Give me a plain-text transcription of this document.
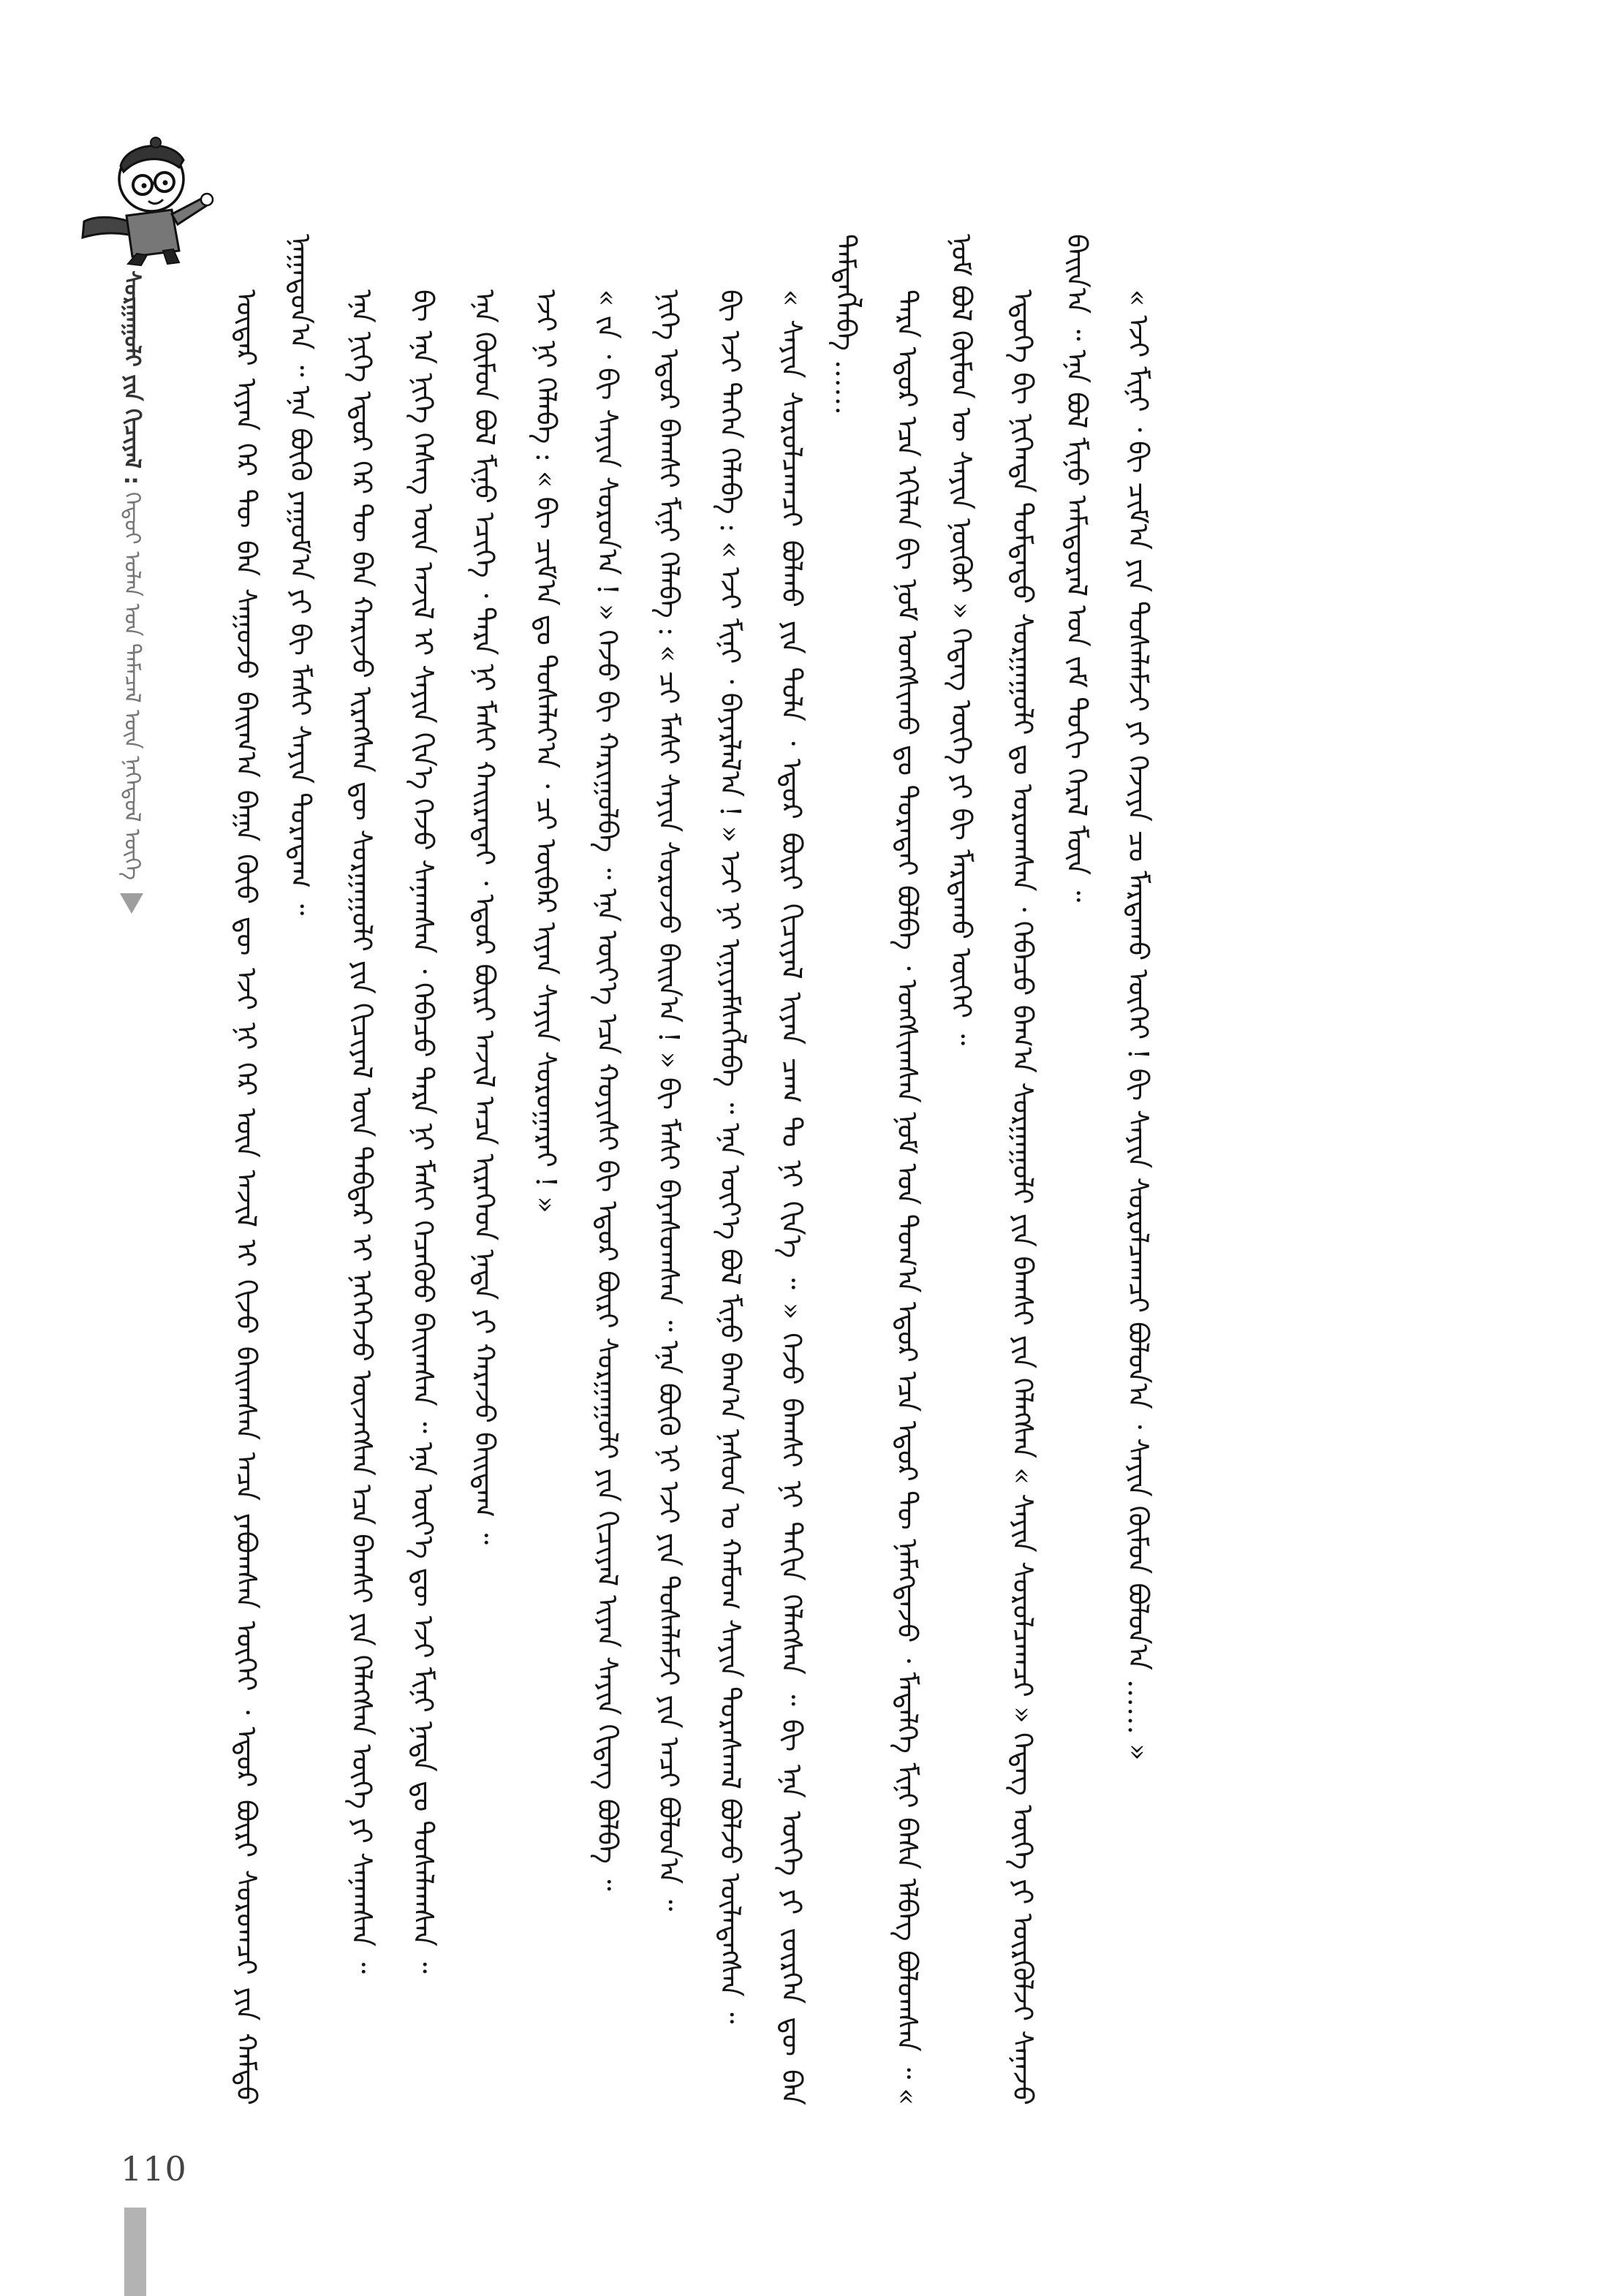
ᠰᠤᠷᠭᠠᠭᠤᠯᠢ ᠶᠢᠨ ᠬᠢᠴᠢᠶᠡᠯ : ᠬᠡᠳᠦᠢ ᠤᠯᠠᠨ ᠤᠨ ᠲᠡᠮᠡᠴᠡᠯ ᠦᠨ ᠨᠡᠭᠡᠳᠦᠯ ᠦᠭᠡ	ᠦᠳᠡᠷ ᠢᠶᠡᠨ ᠭᠡᠷ ᠲᠦ ᠪᠠᠨ ᠰᠠᠭᠤᠵᠤ ᠪᠠᠢᠭ᠎ᠠ ᠪᠠᠭᠠ ᠬᠦᠦ ᠳᠦ ᠡᠵᠢ ᠨᠢ ᠭᠡᠷ ᠦᠨ ᠠᠵᠢᠯ ᠢ ᠬᠢᠵᠦ ᠪᠠᠢᠭᠰᠠᠨ ᠠᠴᠠ ᠶᠠᠪᠤᠭᠰᠠᠨ ᠦᠭᠡᠢ ᠂ ᠡᠳᠦᠷ ᠪᠦᠷᠢ ᠰᠤᠷᠤᠭᠴᠢ ᠶᠢᠨ ᠬᠠᠮᠲᠤ ᠨᠠᠭᠠᠳᠤᠨ᠎ᠠ ᠃ ᠡᠨᠡ ᠪᠦᠬᠦ ᠶᠠᠭᠤᠮ᠎ᠠ ᠶᠢ ᠪᠢ ᠮᠠᠰᠢ ᠰᠠᠶᠢᠨ ᠳᠤᠷᠠᠳᠠᠭ ᠃	ᠡᠨᠡ ᠨᠢᠭᠡ ᠡᠳᠦᠷ ᠭᠡᠷ ᠲᠦ ᠪᠠᠨ ᠬᠠᠷᠢᠵᠤ ᠢᠷᠡᠭᠰᠡᠨ ᠳᠦ ᠰᠤᠷᠭᠠᠭᠤᠯᠢ ᠶᠢᠨ ᠬᠢᠴᠢᠶᠡᠯ ᠦᠨ ᠳᠡᠪᠲᠡᠷ ᠢ ᠨᠡᠭᠡᠭᠡᠵᠦ ᠦᠵᠡᠭᠰᠡᠨ ᠡᠴᠡ ᠪᠠᠭᠰᠢ ᠶᠢᠨ ᠬᠡᠯᠡᠭᠰᠡᠨ ᠦᠭᠡ ᠶᠢ ᠰᠠᠨᠠᠭᠰᠠᠨ ᠃	ᠪᠢ ᠡᠨᠡ ᠨᠢᠭᠡ ᠬᠡᠰᠡᠭ ᠦᠨ ᠠᠵᠢᠯ ᠢ ᠰᠠᠶᠢᠨ ᠬᠢᠨ᠎ᠡ ᠭᠡᠵᠦ ᠰᠠᠨᠠᠭᠰᠠᠨ ᠂ ᠭᠡᠪᠡᠴᠦ ᠲᠡᠷᠡ ᠨᠢ ᠮᠠᠰᠢ ᠬᠡᠴᠡᠭᠦᠦ ᠪᠠᠢᠭᠰᠠᠨ ᠃ ᠡᠨᠡ ᠦᠶ᠎ᠡ ᠳᠦ ᠡᠵᠢ ᠮᠢᠨᠢ ᠨᠠᠳᠠ ᠳᠤ ᠲᠤᠰᠠᠯᠠᠭᠰᠠᠨ ᠃	ᠡᠨᠡ ᠬᠦᠮᠦᠨ ᠪᠣᠯ ᠮᠢᠨᠦ ᠡᠴᠢᠭᠡ ᠂ ᠲᠡᠷᠡ ᠨᠢ ᠮᠠᠰᠢ ᠬᠠᠢᠷᠠᠲᠠᠢ ᠂ ᠡᠳᠦᠷ ᠪᠦᠷᠢ ᠠᠵᠢᠯ ᠠᠴᠠ ᠢᠷᠡᠭᠡᠳ ᠨᠠᠳᠠ ᠶᠢ ᠬᠠᠷᠠᠵᠤ ᠪᠠᠢᠳᠠᠭ ᠃	ᠡᠵᠢ ᠨᠢ ᠬᠡᠯᠡᠪᠡ : « ᠪᠢ ᠴᠢᠮ᠎ᠠ ᠳᠤ ᠲᠤᠰᠠᠯᠠᠶ᠎ᠠ ᠂ ᠴᠢ ᠦᠪᠡᠷ ᠢᠶᠡᠨ ᠰᠠᠶᠢᠨ ᠰᠤᠷᠤᠭᠠᠷᠠᠢ ! »	« ᠵᠠ ᠂ ᠪᠢ ᠰᠠᠶᠢᠨ ᠰᠤᠷᠤᠨ᠎ᠠ ! » ᠭᠡᠵᠦ ᠪᠢ ᠬᠠᠷᠢᠭᠤᠯᠪᠠ ᠃ ᠡᠨᠡ ᠦᠶ᠎ᠡ ᠡᠴᠡ ᠬᠣᠶᠢᠰᠢ ᠪᠢ ᠡᠳᠦᠷ ᠪᠦᠷᠢ ᠰᠤᠷᠭᠠᠭᠤᠯᠢ ᠶᠢᠨ ᠬᠢᠴᠢᠶᠡᠯ ᠢᠶᠡᠨ ᠰᠠᠶᠢᠨ ᠬᠢᠳᠡᠭ ᠪᠣᠯᠪᠠ ᠃	ᠨᠢᠭᠡ ᠡᠳᠦᠷ ᠪᠠᠭᠰᠢ ᠮᠢᠨᠢ ᠬᠡᠯᠡᠪᠡ : « ᠴᠢ ᠮᠠᠰᠢ ᠰᠠᠶᠢᠨ ᠰᠤᠷᠤᠵᠤ ᠪᠠᠢᠨ᠎ᠠ ! » ᠪᠢ ᠮᠠᠰᠢ ᠪᠠᠶᠠᠰᠤᠭᠰᠠᠨ ᠃ ᠡᠨᠡ ᠪᠦᠬᠦ ᠨᠢ ᠡᠵᠢ ᠶᠢᠨ ᠲᠤᠰᠠᠯᠠᠮᠵᠢ ᠶᠢᠨ ᠠᠴᠢ ᠪᠣᠯᠤᠨ᠎ᠠ ᠃	ᠪᠢ ᠡᠵᠢ ᠳᠡᠭᠡᠨ ᠬᠡᠯᠡᠪᠡ : « ᠡᠵᠢ ᠮᠢᠨᠢ ᠂ ᠪᠠᠶᠠᠷᠯᠠᠯ᠎ᠠ ! » ᠡᠵᠢ ᠨᠢ ᠢᠨᠢᠶᠡᠮᠰᠡᠭᠯᠡᠪᠡ ᠃ ᠡᠨᠡ ᠦᠶ᠎ᠡ ᠪᠣᠯ ᠮᠢᠨᠦ ᠪᠠᠭ᠎ᠠ ᠨᠠᠰᠤᠨ ᠤ ᠬᠠᠮᠤᠭ ᠰᠠᠶᠢᠨ ᠳᠤᠷᠠᠰᠬᠠᠯ ᠪᠣᠯᠵᠤ ᠦᠯᠡᠳᠡᠭᠰᠡᠨ ᠃	« ᠰᠠᠶᠢᠨ ᠰᠤᠷᠤᠯᠴᠠᠭᠴᠢ ᠪᠣᠯᠬᠤ ᠶᠢᠨ ᠲᠤᠯᠠ ᠂ ᠡᠳᠦᠷ ᠪᠦᠷᠢ ᠬᠢᠴᠢᠶᠡᠯ ᠢᠶᠡᠨ ᠴᠠᠭ ᠲᠤ ᠨᠢ ᠬᠢᠨ᠎ᠡ ᠃ » ᠭᠡᠵᠦ ᠪᠠᠭᠰᠢ ᠨᠢ ᠳᠠᠬᠢᠨ ᠬᠡᠯᠡᠭᠰᠡᠨ ᠃ ᠪᠢ ᠡᠨᠡ ᠦᠭᠡ ᠶᠢ ᠵᠦᠷᠬᠡᠨ ᠳᠦ ᠪᠠᠨ ᠲᠡᠮᠳᠡᠭᠯᠡᠪᠡ ……	ᠲᠡᠷᠡ ᠡᠳᠦᠷ ᠡᠴᠡ ᠡᠬᠢᠯᠡᠨ ᠪᠢ ᠨᠣᠮ ᠤᠩᠰᠢᠬᠤ ᠳᠤ ᠳᠤᠷᠠᠲᠠᠢ ᠪᠣᠯᠪᠠ ᠂ ᠤᠩᠰᠢᠭᠰᠠᠨ ᠨᠣᠮ ᠤᠨ ᠲᠣᠭ᠎ᠠ ᠡᠳᠦᠷ ᠡᠴᠡ ᠡᠳᠦᠷ ᠲᠦ ᠨᠡᠮᠡᠭᠳᠡᠵᠦ ᠂ ᠮᠡᠳᠡᠯᠭᠡ ᠮᠢᠨᠢ ᠪᠠᠰᠠ ᠡᠯᠪᠡᠭ ᠪᠣᠯᠤᠭᠰᠠᠨ ᠃ « ᠨᠣᠮ ᠪᠣᠯ ᠬᠦᠮᠦᠨ ᠦ ᠰᠠᠶᠢᠨ ᠨᠥᠬᠦᠷ » ᠭᠡᠳᠡᠭ ᠦᠭᠡ ᠶᠢ ᠪᠢ ᠮᠠᠷᠲᠠᠬᠤ ᠦᠭᠡᠢ ᠃	ᠡᠳᠦᠭᠡ ᠪᠢ ᠨᠢᠭᠡᠨᠳᠡ ᠳᠤᠮᠳᠠᠳᠤ ᠰᠤᠷᠭᠠᠭᠤᠯᠢ ᠳᠤ ᠣᠷᠤᠭᠰᠠᠨ ᠂ ᠭᠡᠪᠡᠴᠦ ᠪᠠᠭ᠎ᠠ ᠰᠤᠷᠭᠠᠭᠤᠯᠢ ᠶᠢᠨ ᠪᠠᠭᠰᠢ ᠶᠢᠨ ᠬᠡᠯᠡᠭᠰᠡᠨ « ᠰᠠᠶᠢᠨ ᠰᠤᠷᠤᠯᠴᠠᠭᠴᠢ » ᠭᠡᠳᠡᠭ ᠦᠭᠡ ᠶᠢ ᠦᠷᠭᠦᠯᠵᠢ ᠰᠠᠨᠠᠵᠤ ᠪᠠᠢᠨ᠎ᠠ ᠃ ᠡᠨᠡ ᠪᠣᠯ ᠮᠢᠨᠦ ᠠᠮᠢᠳᠤᠷᠠᠯ ᠤᠨ ᠵᠠᠮ ᠳᠤᠬᠢ ᠭᠡᠷᠡᠯ ᠮᠥᠨ ᠃	« ᠡᠵᠢ ᠮᠢᠨᠢ ᠂ ᠪᠢ ᠴᠢᠮ᠎ᠠ ᠶᠢᠨ ᠲᠤᠰᠠᠯᠠᠮᠵᠢ ᠶᠢ ᠬᠡᠵᠢᠶᠡ ᠴᠤ ᠮᠠᠷᠲᠠᠬᠤ ᠦᠭᠡᠢ ! ᠪᠢ ᠰᠠᠶᠢᠨ ᠰᠤᠷᠤᠯᠴᠠᠭᠴᠢ ᠪᠣᠯᠤᠨ᠎ᠠ ᠂ ᠰᠠᠶᠢᠨ ᠬᠦᠮᠦᠨ ᠪᠣᠯᠤᠨ᠎ᠠ …… »

110
